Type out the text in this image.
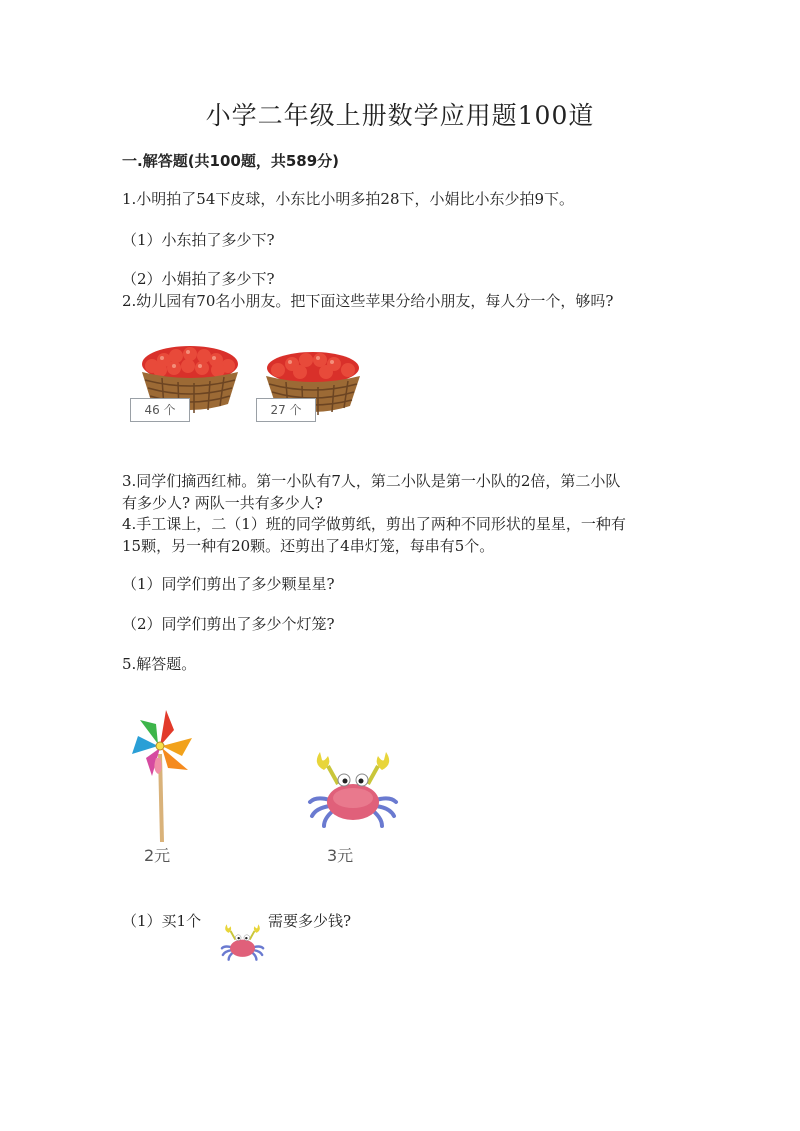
小学二年级上册数学应用题100道
一.解答题(共100题，共589分)
1.小明拍了54下皮球，小东比小明多拍28下，小娟比小东少拍9下。
（1）小东拍了多少下?
（2）小娟拍了多少下?
2.幼儿园有70名小朋友。把下面这些苹果分给小朋友，每人分一个，够吗?
46 个	27 个
3.同学们摘西红柿。第一小队有7人，第二小队是第一小队的2倍，第二小队
有多少人? 两队一共有多少人?
4.手工课上，二（1）班的同学做剪纸，剪出了两种不同形状的星星，一种有
15颗，另一种有20颗。还剪出了4串灯笼，每串有5个。
（1）同学们剪出了多少颗星星?
（2）同学们剪出了多少个灯笼?
5.解答题。
2元	3元
（1）买1个	需要多少钱?
